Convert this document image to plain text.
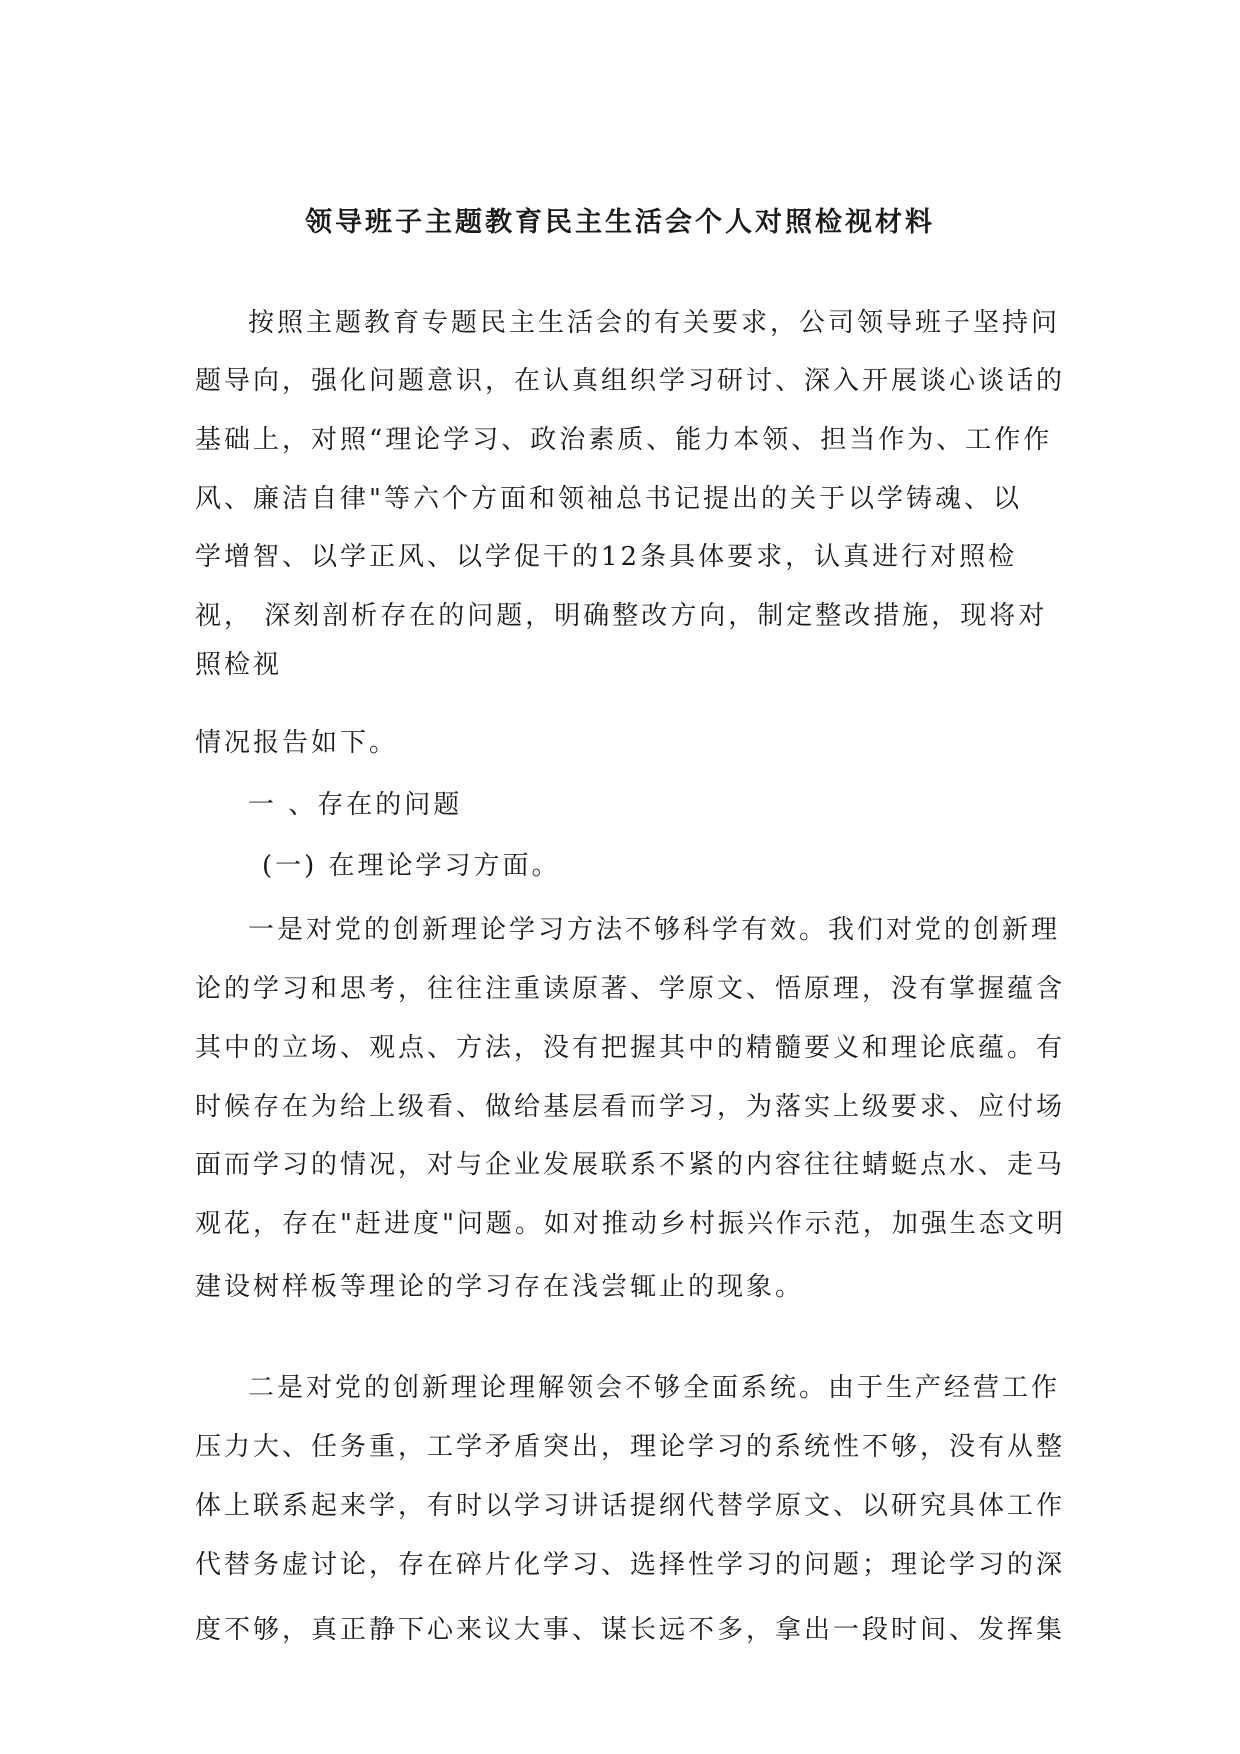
领导班子主题教育民主生活会个人对照检视材料

按照主题教育专题民主生活会的有关要求，公司领导班子坚持问

题导向，强化问题意识，在认真组织学习研讨、深入开展谈心谈话的

基础上，对照“理论学习、政治素质、能力本领、担当作为、工作作

风、廉洁自律"等六个方面和领袖总书记提出的关于以学铸魂、以

学增智、以学正风、以学促干的12条具体要求，认真进行对照检

视， 深刻剖析存在的问题，明确整改方向，制定整改措施，现将对

照检视

情况报告如下。

一 、存在的问题

(一) 在理论学习方面。

一是对党的创新理论学习方法不够科学有效。我们对党的创新理

论的学习和思考，往往注重读原著、学原文、悟原理，没有掌握蕴含

其中的立场、观点、方法，没有把握其中的精髓要义和理论底蕴。有

时候存在为给上级看、做给基层看而学习，为落实上级要求、应付场

面而学习的情况，对与企业发展联系不紧的内容往往蜻蜓点水、走马

观花，存在"赶进度"问题。如对推动乡村振兴作示范，加强生态文明

建设树样板等理论的学习存在浅尝辄止的现象。

二是对党的创新理论理解领会不够全面系统。由于生产经营工作

压力大、任务重，工学矛盾突出，理论学习的系统性不够，没有从整

体上联系起来学，有时以学习讲话提纲代替学原文、以研究具体工作

代替务虚讨论，存在碎片化学习、选择性学习的问题；理论学习的深

度不够，真正静下心来议大事、谋长远不多，拿出一段时间、发挥集
